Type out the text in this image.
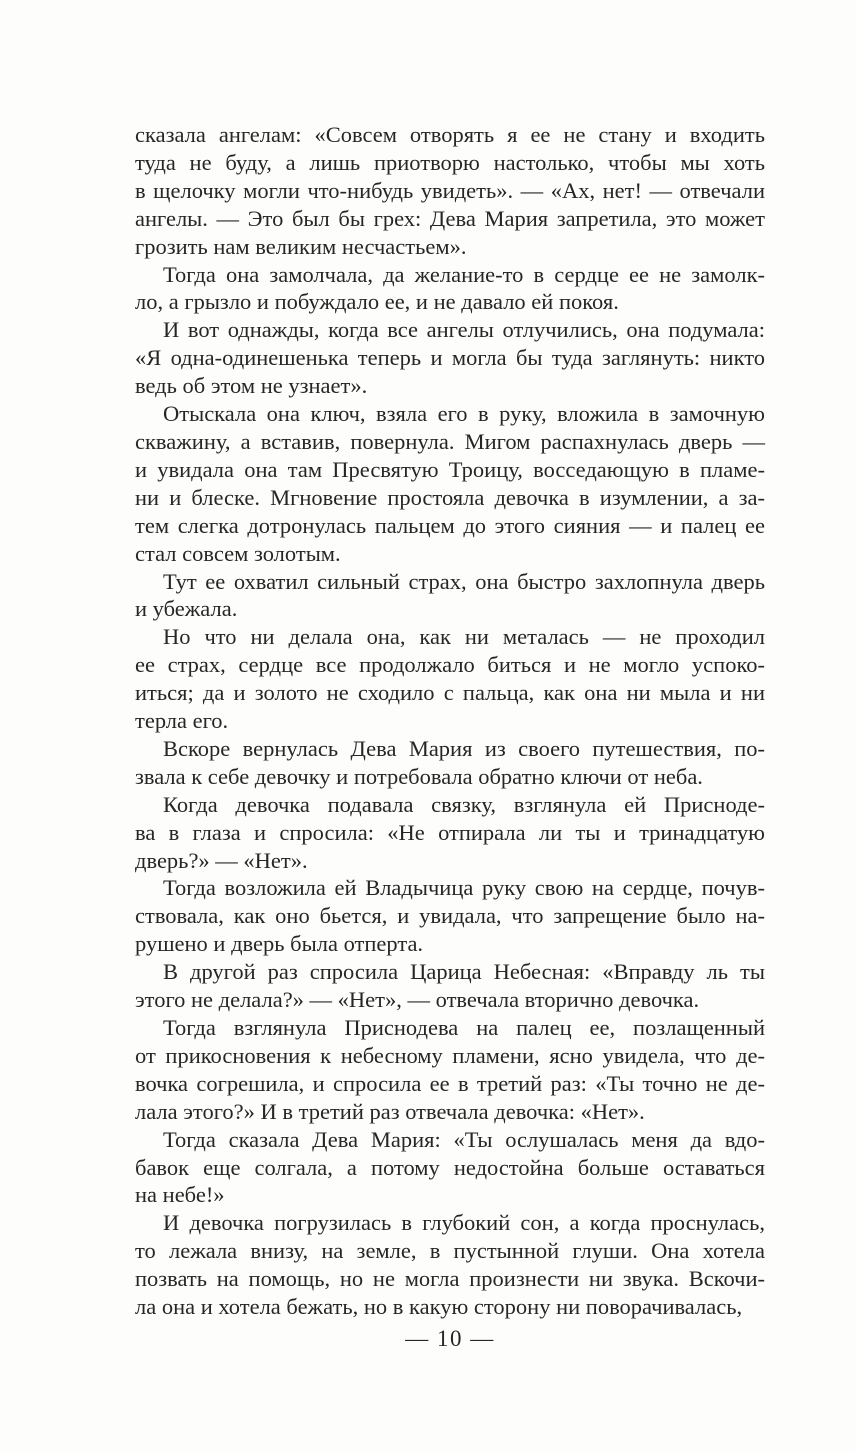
сказала ангелам: «Совсем отворять я ее не стану и входить
туда не буду, а лишь приотворю настолько, чтобы мы хоть
в щелочку могли что-нибудь увидеть». — «Ах, нет! — отвечали
ангелы. — Это был бы грех: Дева Мария запретила, это может
грозить нам великим несчастьем».
Тогда она замолчала, да желание-то в сердце ее не замолк-
ло, а грызло и побуждало ее, и не давало ей покоя.
И вот однажды, когда все ангелы отлучились, она подумала:
«Я одна-одинешенька теперь и могла бы туда заглянуть: никто
ведь об этом не узнает».
Отыскала она ключ, взяла его в руку, вложила в замочную
скважину, а вставив, повернула. Мигом распахнулась дверь —
и увидала она там Пресвятую Троицу, восседающую в пламе-
ни и блеске. Мгновение простояла девочка в изумлении, а за-
тем слегка дотронулась пальцем до этого сияния — и палец ее
стал совсем золотым.
Тут ее охватил сильный страх, она быстро захлопнула дверь
и убежала.
Но что ни делала она, как ни металась — не проходил
ее страх, сердце все продолжало биться и не могло успоко-
иться; да и золото не сходило с пальца, как она ни мыла и ни
терла его.
Вскоре вернулась Дева Мария из своего путешествия, по-
звала к себе девочку и потребовала обратно ключи от неба.
Когда девочка подавала связку, взглянула ей Присноде-
ва в глаза и спросила: «Не отпирала ли ты и тринадцатую
дверь?» — «Нет».
Тогда возложила ей Владычица руку свою на сердце, почув-
ствовала, как оно бьется, и увидала, что запрещение было на-
рушено и дверь была отперта.
В другой раз спросила Царица Небесная: «Вправду ль ты
этого не делала?» — «Нет», — отвечала вторично девочка.
Тогда взглянула Приснодева на палец ее, позлащенный
от прикосновения к небесному пламени, ясно увидела, что де-
вочка согрешила, и спросила ее в третий раз: «Ты точно не де-
лала этого?» И в третий раз отвечала девочка: «Нет».
Тогда сказала Дева Мария: «Ты ослушалась меня да вдо-
бавок еще солгала, а потому недостойна больше оставаться
на небе!»
И девочка погрузилась в глубокий сон, а когда проснулась,
то лежала внизу, на земле, в пустынной глуши. Она хотела
позвать на помощь, но не могла произнести ни звука. Вскочи-
ла она и хотела бежать, но в какую сторону ни поворачивалась,
— 10 —
